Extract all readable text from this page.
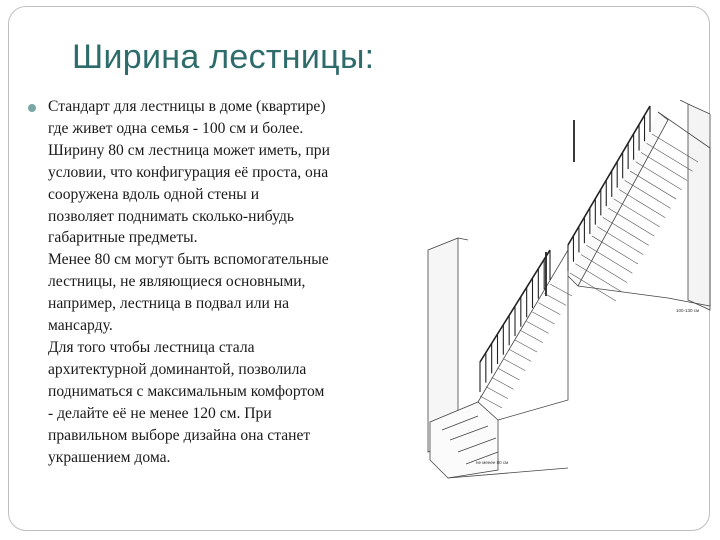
Ширина лестницы:
Стандарт для лестницы в доме (квартире)
где живет одна семья - 100 см и более.
Ширину 80 см лестница может иметь, при
условии, что конфигурация её проста, она
сооружена вдоль одной стены и
позволяет поднимать сколько-нибудь
габаритные предметы.
Менее 80 см могут быть вспомогательные
лестницы, не являющиеся основными,
например, лестница в подвал или на
мансарду.
Для того чтобы лестница стала
архитектурной доминантой, позволила
подниматься с максимальным комфортом
- делайте её не менее 120 см. При
правильном выборе дизайна она станет
украшением дома.
100-130 см
не менее 80 см
